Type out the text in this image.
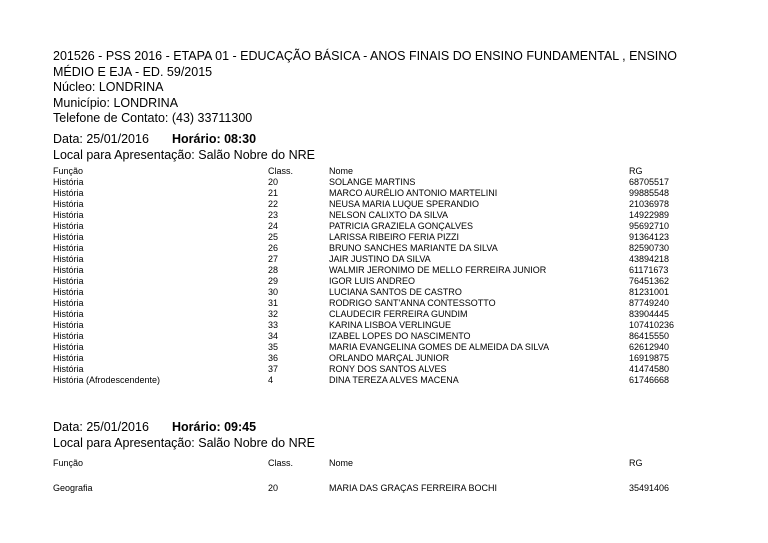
201526 - PSS 2016 - ETAPA 01 - EDUCAÇÃO BÁSICA - ANOS FINAIS DO ENSINO FUNDAMENTAL , ENSINO MÉDIO E EJA - ED. 59/2015
Núcleo: LONDRINA
Município: LONDRINA
Telefone de Contato: (43) 33711300
Data: 25/01/2016 Horário: 08:30
Local para Apresentação: Salão Nobre do NRE
Função	Class.	Nome	RG
História	20	SOLANGE MARTINS	68705517
História	21	MARCO AURÉLIO ANTONIO MARTELINI	99885548
História	22	NEUSA MARIA LUQUE SPERANDIO	21036978
História	23	NELSON CALIXTO DA SILVA	14922989
História	24	PATRICIA GRAZIELA GONÇALVES	95692710
História	25	LARISSA RIBEIRO FERIA PIZZI	91364123
História	26	BRUNO SANCHES MARIANTE DA SILVA	82590730
História	27	JAIR JUSTINO DA SILVA	43894218
História	28	WALMIR JERONIMO DE MELLO FERREIRA JUNIOR	61171673
História	29	IGOR LUIS ANDREO	76451362
História	30	LUCIANA SANTOS DE CASTRO	81231001
História	31	RODRIGO SANT'ANNA CONTESSOTTO	87749240
História	32	CLAUDECIR FERREIRA GUNDIM	83904445
História	33	KARINA LISBOA VERLINGUE	107410236
História	34	IZABEL LOPES DO NASCIMENTO	86415550
História	35	MARIA EVANGELINA GOMES DE ALMEIDA DA SILVA	62612940
História	36	ORLANDO MARÇAL JUNIOR	16919875
História	37	RONY DOS SANTOS ALVES	41474580
História (Afrodescendente)	4	DINA TEREZA ALVES MACENA	61746668
Data: 25/01/2016 Horário: 09:45
Local para Apresentação: Salão Nobre do NRE
Função	Class.	Nome	RG

Geografia	20	MARIA DAS GRAÇAS FERREIRA BOCHI	35491406
